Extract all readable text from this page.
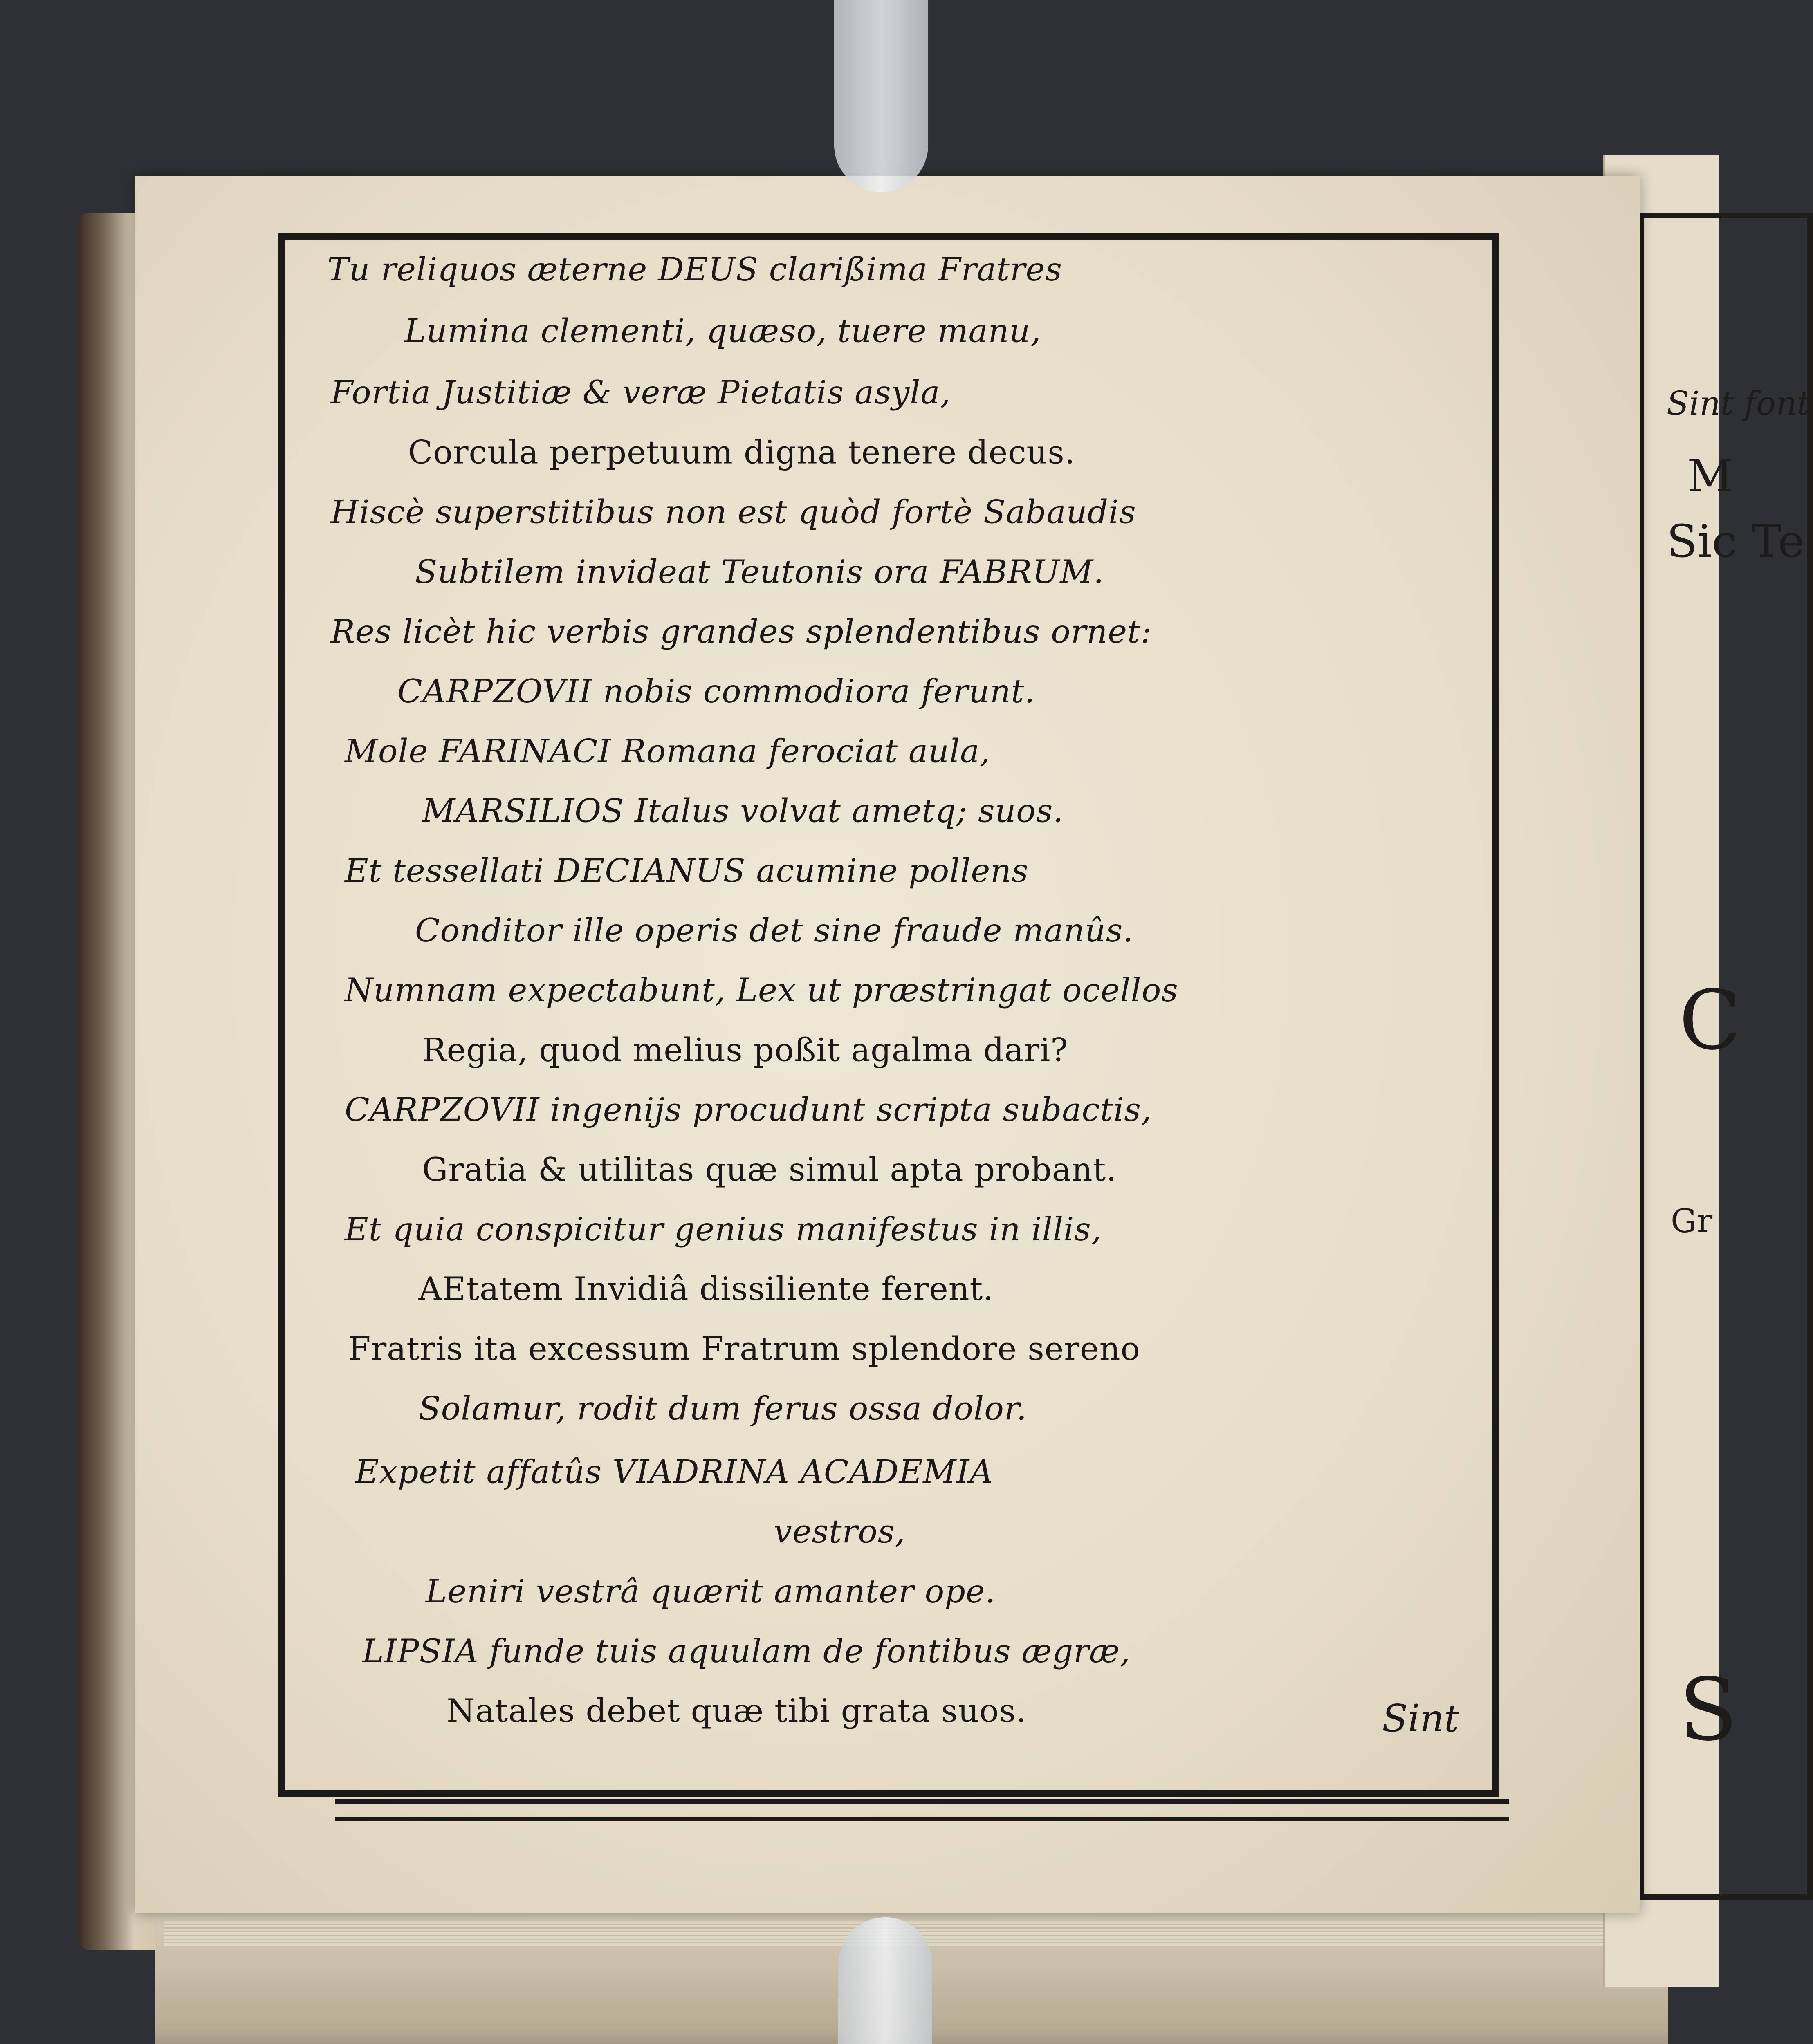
Sint font
M
Sic Te
C
Gr
S
Tu reliquos æterne DEUS clarißima Fratres
Lumina clementi, quæso, tuere manu,
Fortia Justitiæ & veræ Pietatis asyla,
Corcula perpetuum digna tenere decus.
Hiscè superstitibus non est quòd fortè Sabaudis
Subtilem invideat Teutonis ora FABRUM.
Res licèt hic verbis grandes splendentibus ornet:
CARPZOVII nobis commodiora ferunt.
Mole FARINACI Romana ferociat aula,
MARSILIOS Italus volvat ametq; suos.
Et tessellati DECIANUS acumine pollens
Conditor ille operis det sine fraude manûs.
Numnam expectabunt, Lex ut præstringat ocellos
Regia, quod melius poßit agalma dari?
CARPZOVII ingenijs procudunt scripta subactis,
Gratia & utilitas quæ simul apta probant.
Et quia conspicitur genius manifestus in illis,
AEtatem Invidiâ dissiliente ferent.
Fratris ita excessum Fratrum splendore sereno
Solamur, rodit dum ferus ossa dolor.
Expetit affatûs VIADRINA ACADEMIA
vestros,
Leniri vestrâ quærit amanter ope.
LIPSIA funde tuis aquulam de fontibus ægræ,
Natales debet quæ tibi grata suos.	Sint
